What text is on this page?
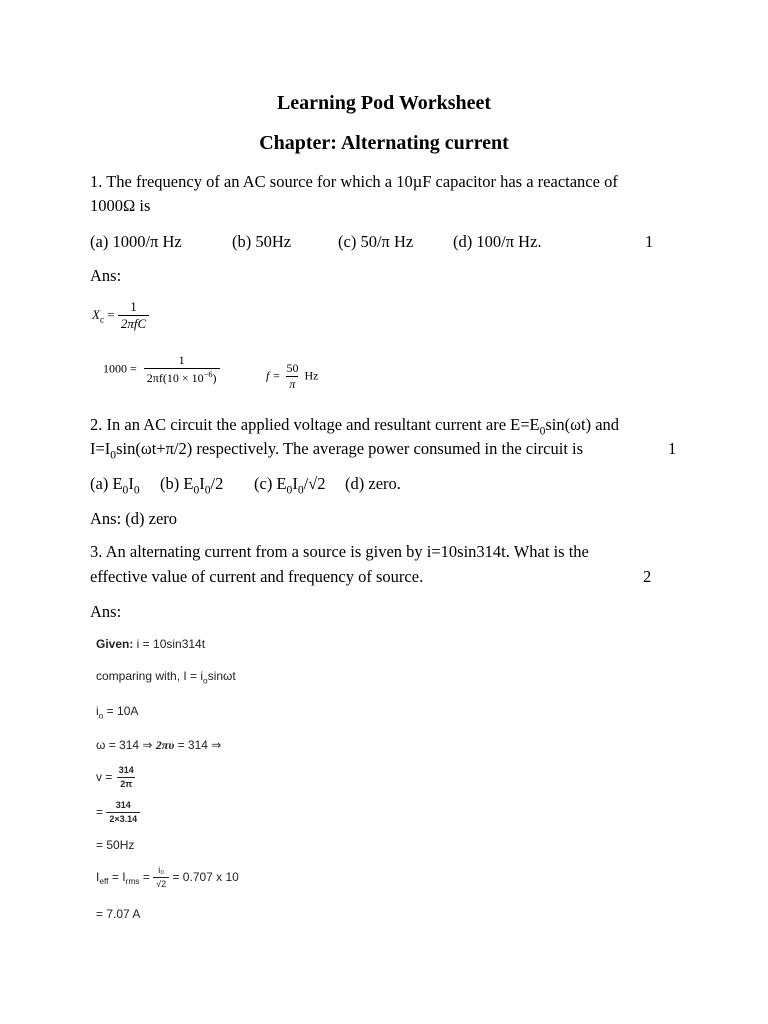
Learning Pod Worksheet
Chapter: Alternating current
1. The frequency of an AC source for which a 10µF capacitor has a reactance of
1000Ω is
(a) 1000/π Hz	(b) 50Hz	(c) 50/π Hz (d) 100/π Hz.	1
Ans:
$X_c = \frac{1}{\text{2πfC}}$
$1000 = \frac{1}{2\pi f(10 \times 10^{-6})}$	$f = \frac{50}{\pi}$ Hz
2. In an AC circuit the applied voltage and resultant current are $E=E_0\sin(\omega t)$ and
$I=I_0\sin(\omega t+\pi/2)$ respectively. The average power consumed in the circuit is	1
(a) $E_0I_0$ (b) $E_0I_0/2$ (c) $E_0I_0/√2$ (d) zero.
Ans: (d) zero
3. An alternating current from a source is given by i=10sin314t. What is the
effective value of current and frequency of source.	2
Ans:
Given: i = 10sin314t
comparing with, $I = i_o\sin\omega t$
$i_o = 10A$
ω = 314 ⇒ 2πυ = 314 ⇒
$v = \frac{314}{2\pi}$
= $\frac{314}{2\times 3.14}$
= 50Hz
$I_{eff} = I_{rms} = \frac{\text{i₀}}{√2} = 0.707$ x 10
= 7.07 A
